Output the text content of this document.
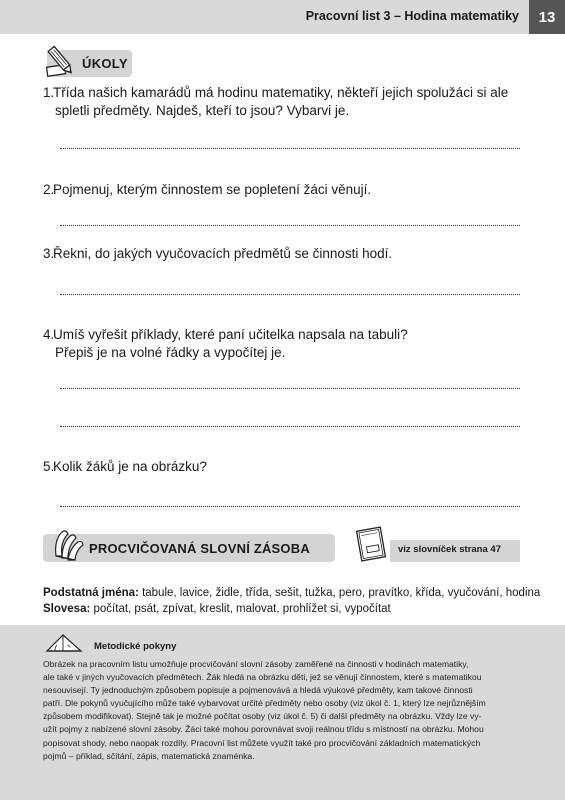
Pracovní list 3 – Hodina matematiky	13
ÚKOLY
1.Třída našich kamarádů má hodinu matematiky, někteří jejich spolužáci si ale
spletli předměty. Najdeš, kteří to jsou? Vybarvi je.
2.Pojmenuj, kterým činnostem se popletení žáci věnují.
3.Řekni, do jakých vyučovacích předmětů se činnosti hodí.
4.Umíš vyřešit příklady, které paní učitelka napsala na tabuli?
Přepiš je na volné řádky a vypočítej je.
5.Kolik žáků je na obrázku?
PROCVIČOVANÁ SLOVNÍ ZÁSOBA	viz slovníček strana 47
Podstatná jména: tabule, lavice, židle, třída, sešit, tužka, pero, pravítko, křída, vyučování, hodina
Slovesa: počítat, psát, zpívat, kreslit, malovat, prohlížet si, vypočítat
✎ Metodické pokyny
Obrázek na pracovním listu umožňuje procvičování slovní zásoby zaměřené na činnosti v hodinách matematiky,
ale také v jiných vyučovacích předmětech. Žák hledá na obrázku děti, jež se věnují činnostem, které s matematikou
nesouvisejí. Ty jednoduchým způsobem popisuje a pojmenovává a hledá výukové předměty, kam takové činnosti
patří. Dle pokynů vyučujícího může také vybarvovat určité předměty nebo osoby (viz úkol č. 1, který lze nejrůznějším
způsobem modifikovat). Stejně tak je možné počítat osoby (viz úkol č. 5) či další předměty na obrázku. Vždy lze vy-
užít pojmy z nabízené slovní zásoby. Žáci také mohou porovnávat svoji reálnou třídu s místností na obrázku. Mohou
popisovat shody, nebo naopak rozdíly. Pracovní list můžete využít také pro procvičování základních matematických
pojmů – příklad, sčítání, zápis, matematická znaménka.
